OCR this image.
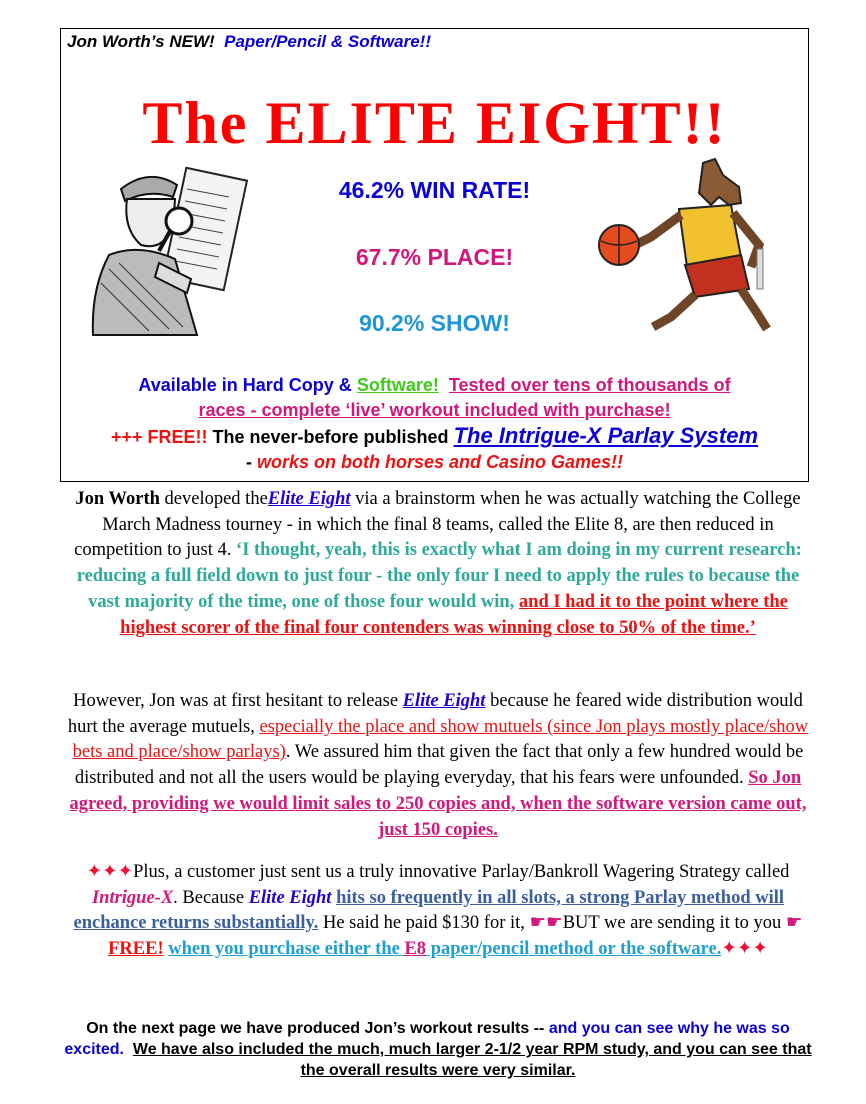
Jon Worth’s NEW! Paper/Pencil & Software!!
The ELITE EIGHT!!
46.2% WIN RATE!
67.7% PLACE!
90.2% SHOW!
Available in Hard Copy & Software! Tested over tens of thousands of
races - complete ‘live’ workout included with purchase!
+++ FREE!! The never-before published The Intrigue-X Parlay System
- works on both horses and Casino Games!!
Jon Worth developed theElite Eight via a brainstorm when he was actually watching the College March Madness tourney - in which the final 8 teams, called the Elite 8, are then reduced in competition to just 4. ‘I thought, yeah, this is exactly what I am doing in my current research: reducing a full field down to just four - the only four I need to apply the rules to because the vast majority of the time, one of those four would win, and I had it to the point where the highest scorer of the final four contenders was winning close to 50% of the time.’
However, Jon was at first hesitant to release Elite Eight because he feared wide distribution would hurt the average mutuels, especially the place and show mutuels (since Jon plays mostly place/show bets and place/show parlays). We assured him that given the fact that only a few hundred would be distributed and not all the users would be playing everyday, that his fears were unfounded. So Jon agreed, providing we would limit sales to 250 copies and, when the software version came out, just 150 copies.
✦✦✦Plus, a customer just sent us a truly innovative Parlay/Bankroll Wagering Strategy called Intrigue-X. Because Elite Eight hits so frequently in all slots, a strong Parlay method will enchance returns substantially. He said he paid $130 for it, ☛☛BUT we are sending it to you ☛FREE! when you purchase either the E8 paper/pencil method or the software.✦✦✦
On the next page we have produced Jon’s workout results -- and you can see why he was so excited. We have also included the much, much larger 2-1/2 year RPM study, and you can see that the overall results were very similar.
